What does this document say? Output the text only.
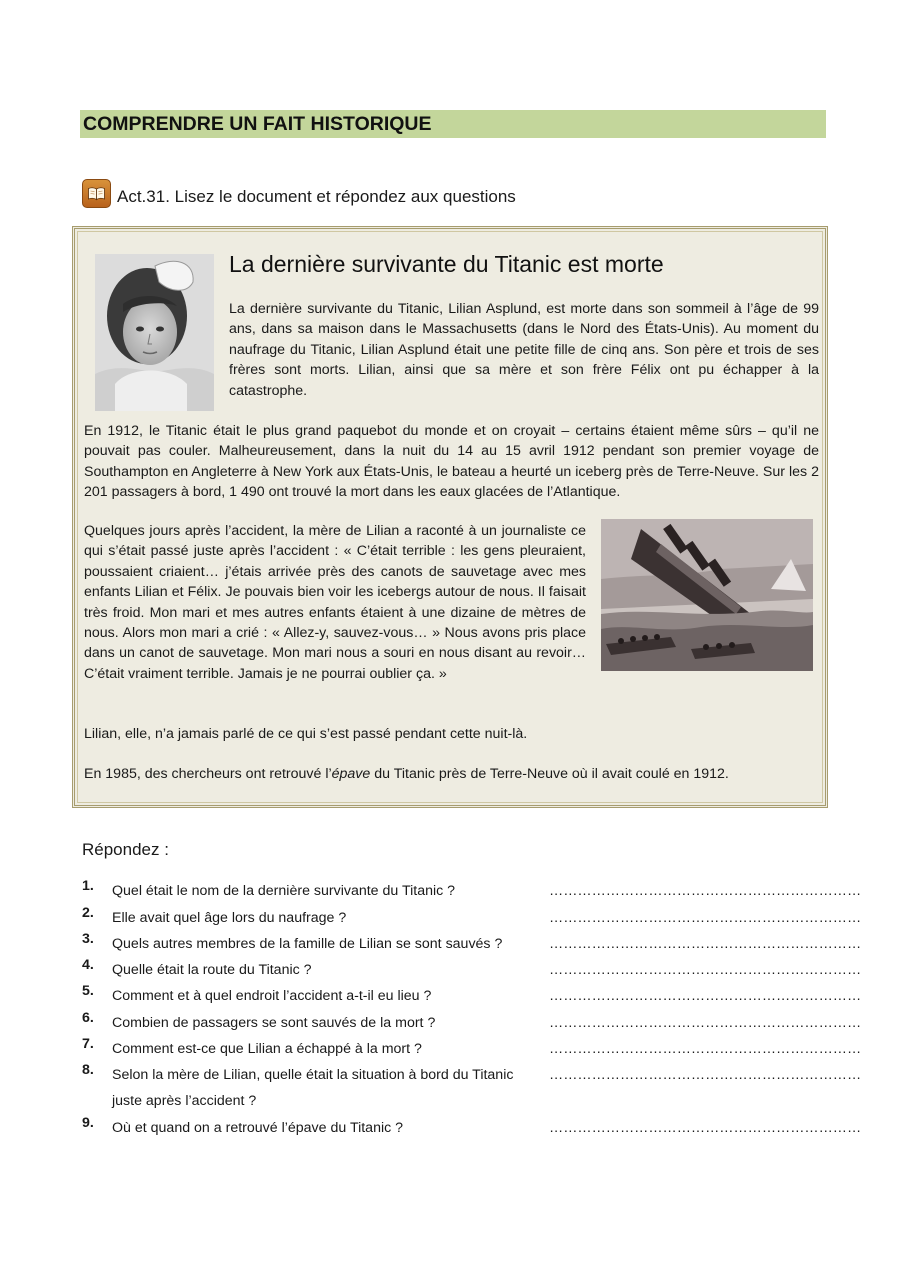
COMPRENDRE UN FAIT HISTORIQUE
Act.31. Lisez le document et répondez aux questions
La dernière survivante du Titanic est morte
La dernière survivante du Titanic, Lilian Asplund, est morte dans son sommeil à l’âge de 99 ans, dans sa maison dans le Massachusetts (dans le Nord des États-Unis). Au moment du naufrage du Titanic, Lilian Asplund était une petite fille de cinq ans. Son père et trois de ses frères sont morts. Lilian, ainsi que sa mère et son frère Félix ont pu échapper à la catastrophe.
En 1912, le Titanic était le plus grand paquebot du monde et on croyait – certains étaient même sûrs – qu’il ne pouvait pas couler. Malheureusement, dans la nuit du 14 au 15 avril 1912 pendant son premier voyage de Southampton en Angleterre à New York aux États-Unis, le bateau a heurté un iceberg près de Terre-Neuve. Sur les 2 201 passagers à bord, 1 490 ont trouvé la mort dans les eaux glacées de l’Atlantique.
Quelques jours après l’accident, la mère de Lilian a raconté à un journaliste ce qui s’était passé juste après l’accident : « C’était terrible : les gens pleuraient, poussaient criaient… j’étais arrivée près des canots de sauvetage avec mes enfants Lilian et Félix. Je pouvais bien voir les icebergs autour de nous. Il faisait très froid. Mon mari et mes autres enfants étaient à une dizaine de mètres de nous. Alors mon mari a crié : « Allez-y, sauvez-vous… » Nous avons pris place dans un canot de sauvetage. Mon mari nous a souri en nous disant au revoir… C’était vraiment terrible. Jamais je ne pourrai oublier ça. »
Lilian, elle, n’a jamais parlé de ce qui s’est passé pendant cette nuit-là.
En 1985, des chercheurs ont retrouvé l’épave du Titanic près de Terre-Neuve où il avait coulé en 1912.
Répondez :
1. Quel était le nom de la dernière survivante du Titanic ?	…………………………………………………………
2. Elle avait quel âge lors du naufrage ?	…………………………………………………………
3. Quels autres membres de la famille de Lilian se sont sauvés ?	…………………………………………………………
4. Quelle était la route du Titanic ?	…………………………………………………………
5. Comment et à quel endroit l’accident a-t-il eu lieu ?	…………………………………………………………
6. Combien de passagers se sont sauvés de la mort ?	…………………………………………………………
7. Comment est-ce que Lilian a échappé à la mort ?	…………………………………………………………
8. Selon la mère de Lilian, quelle était la situation à bord du Titanic juste après l’accident ?
…………………………………………………………
9. Où et quand on a retrouvé l’épave du Titanic ?	…………………………………………………………
